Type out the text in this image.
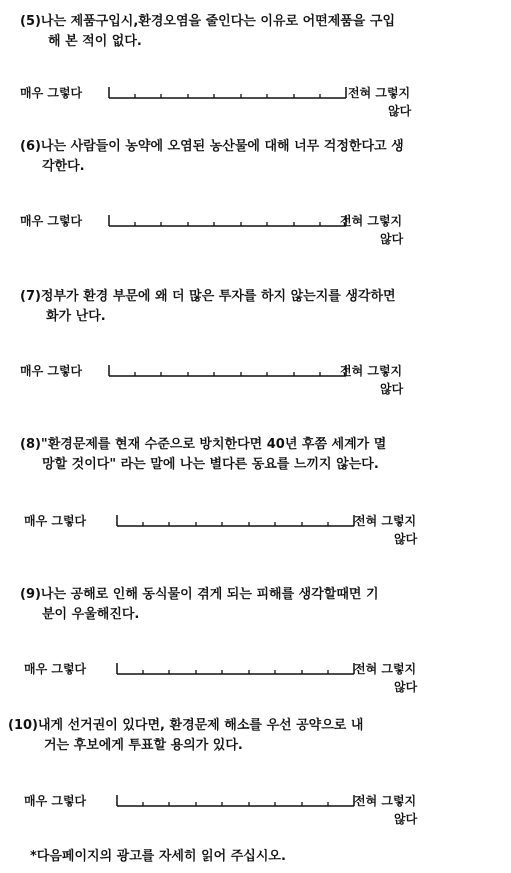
(5)나는 제품구입시,환경오염을 줄인다는 이유로 어떤제품을 구입
해 본 적이 없다.
매우 그렇다	전혀 그렇지
않다
(6)나는 사람들이 농약에 오염된 농산물에 대해 너무 걱정한다고 생
각한다.
매우 그렇다	전혀 그렇지
않다
(7)정부가 환경 부문에 왜 더 많은 투자를 하지 않는지를 생각하면
화가 난다.
매우 그렇다	전혀 그렇지
않다
(8)"환경문제를 현재 수준으로 방치한다면 40년 후쯤 세계가 멸
망할 것이다" 라는 말에 나는 별다른 동요를 느끼지 않는다.
매우 그렇다	전혀 그렇지
않다
(9)나는 공해로 인해 동식물이 겪게 되는 피해를 생각할때면 기
분이 우울해진다.
매우 그렇다	전혀 그렇지
않다
(10)내게 선거권이 있다면, 환경문제 해소를 우선 공약으로 내
거는 후보에게 투표할 용의가 있다.
매우 그렇다	전혀 그렇지
않다
*다음페이지의 광고를 자세히 읽어 주십시오.
